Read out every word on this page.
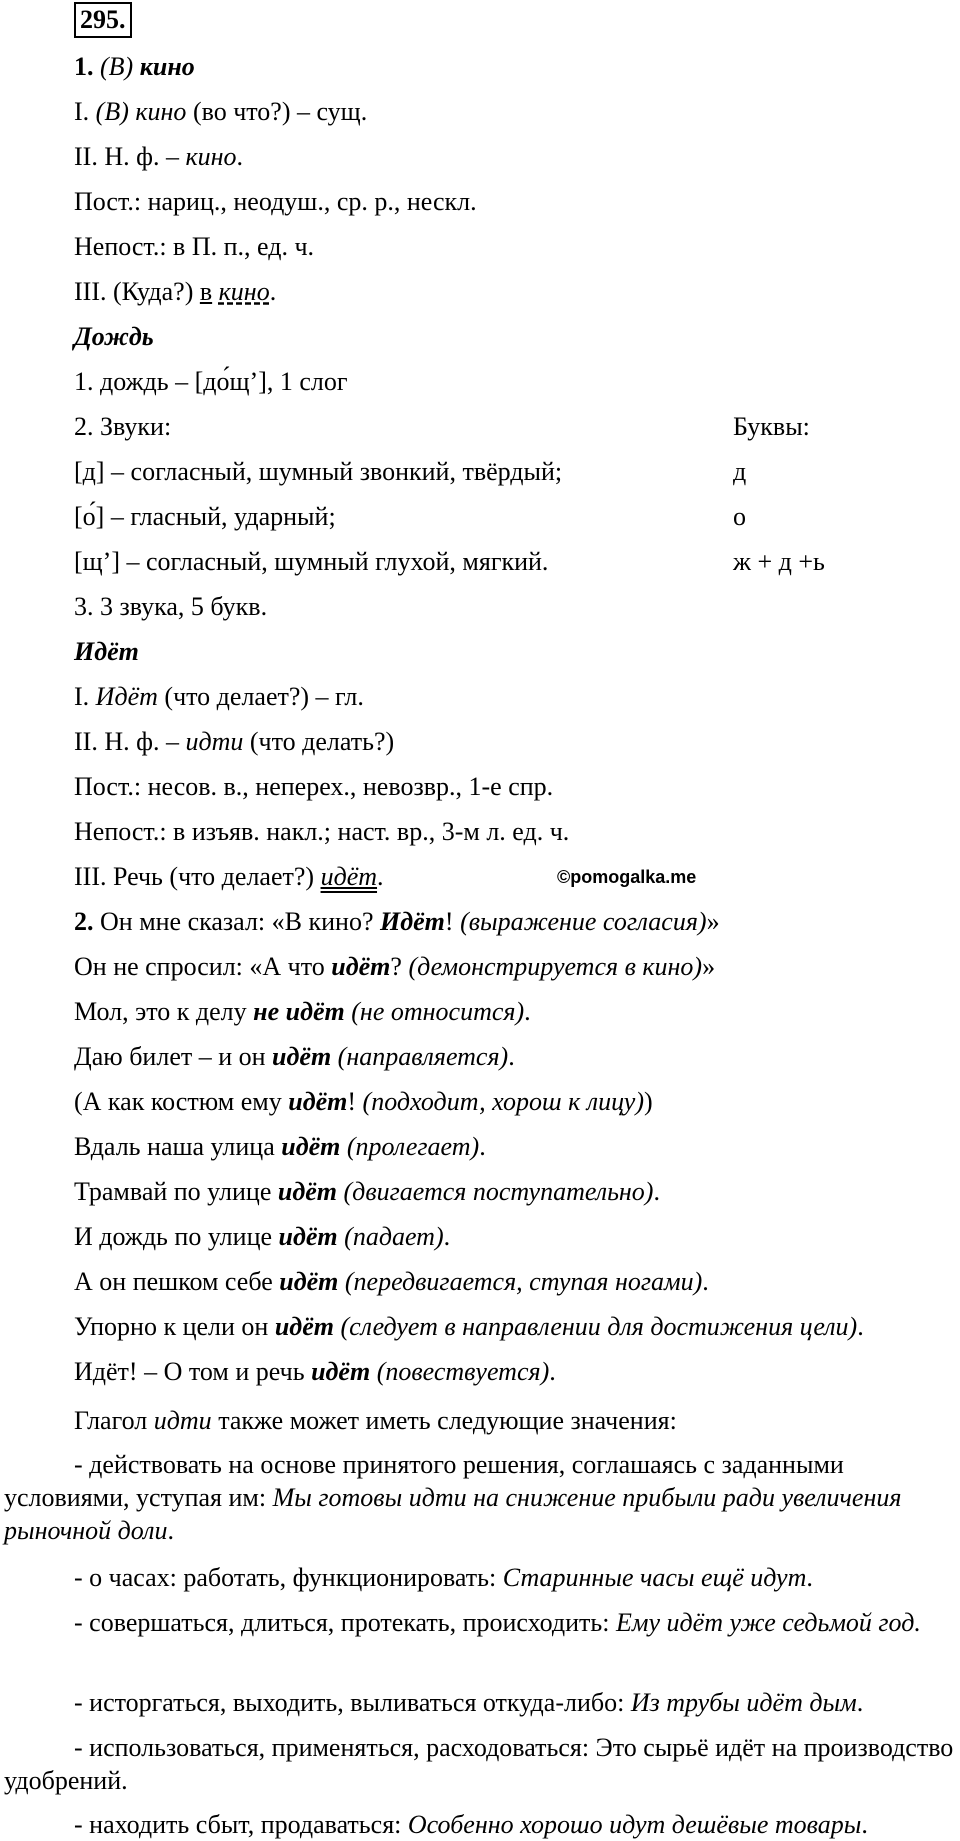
295.
1. (В) кино
I. (В) кино (во что?) – сущ.
II. Н. ф. – кино.
Пост.: нариц., неодуш., ср. р., нескл.
Непост.: в П. п., ед. ч.
III. (Куда?) в кино.
Дождь
1. дождь – [до́щ’], 1 слог
2. Звуки:	Буквы:
[д] – согласный, шумный звонкий, твёрдый;	д
[о́] – гласный, ударный;	о
[щ’] – согласный, шумный глухой, мягкий.	ж + д +ь
3. 3 звука, 5 букв.
Идёт
I. Идёт (что делает?) – гл.
II. Н. ф. – идти (что делать?)
Пост.: несов. в., неперех., невозвр., 1-е спр.
Непост.: в изъяв. накл.; наст. вр., 3-м л. ед. ч.
III. Речь (что делает?) идёт.	©pomogalka.me
2. Он мне сказал: «В кино? Идёт! (выражение согласия)»
Он не спросил: «А что идёт? (демонстрируется в кино)»
Мол, это к делу не идёт (не относится).
Даю билет – и он идёт (направляется).
(А как костюм ему идёт! (подходит, хорош к лицу))
Вдаль наша улица идёт (пролегает).
Трамвай по улице идёт (двигается поступательно).
И дождь по улице идёт (падает).
А он пешком себе идёт (передвигается, ступая ногами).
Упорно к цели он идёт (следует в направлении для достижения цели).
Идёт! – О том и речь идёт (повествуется).
Глагол идти также может иметь следующие значения:
- действовать на основе принятого решения, соглашаясь с заданными условиями, уступая им: Мы готовы идти на снижение прибыли ради увеличения рыночной доли.
- о часах: работать, функционировать: Старинные часы ещё идут.
- совершаться, длиться, протекать, происходить: Ему идёт уже седьмой год.
- исторгаться, выходить, выливаться откуда-либо: Из трубы идёт дым.
- использоваться, применяться, расходоваться: Это сырьё идёт на производство удобрений.
- находить сбыт, продаваться: Особенно хорошо идут дешёвые товары.
